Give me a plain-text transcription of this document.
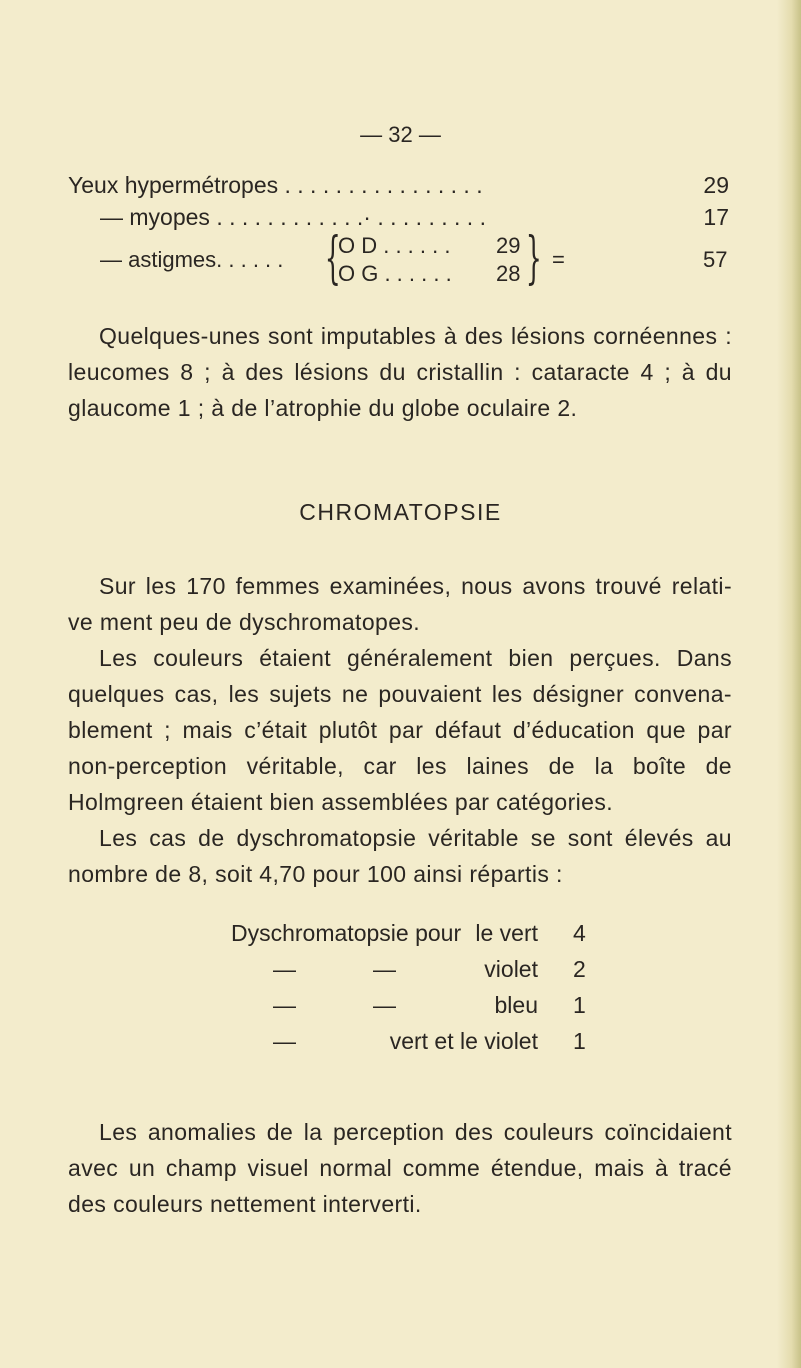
— 32 —
Yeux hypermétropes . . . . . . . . . . . . . . . .	29
— myopes . . . . . . . . . . . .· . . . . . . . . .	17
— astigmes. . . . . . {
O D . . . . . . 29
O G . . . . . . 28 } =	57
Quelques-unes sont imputables à des lésions cornéennes : leucomes 8 ; à des lésions du cristallin : cataracte 4 ; à du glaucome 1 ; à de l’atrophie du globe oculaire 2.
CHROMATOPSIE
Sur les 170 femmes examinées, nous avons trouvé relati-ve ment peu de dyschromatopes.
Les couleurs étaient généralement bien perçues. Dans quelques cas, les sujets ne pouvaient les désigner convena-blement ; mais c’était plutôt par défaut d’éducation que par non-perception véritable, car les laines de la boîte de Holmgreen étaient bien assemblées par catégories.
Les cas de dyschromatopsie véritable se sont élevés au nombre de 8, soit 4,70 pour 100 ainsi répartis :
Dyschromatopsie pour le vert 4
—	—	violet 2
—	—	bleu 1
—	vert et le violet 1
Les anomalies de la perception des couleurs coïncidaient avec un champ visuel normal comme étendue, mais à tracé des couleurs nettement interverti.
